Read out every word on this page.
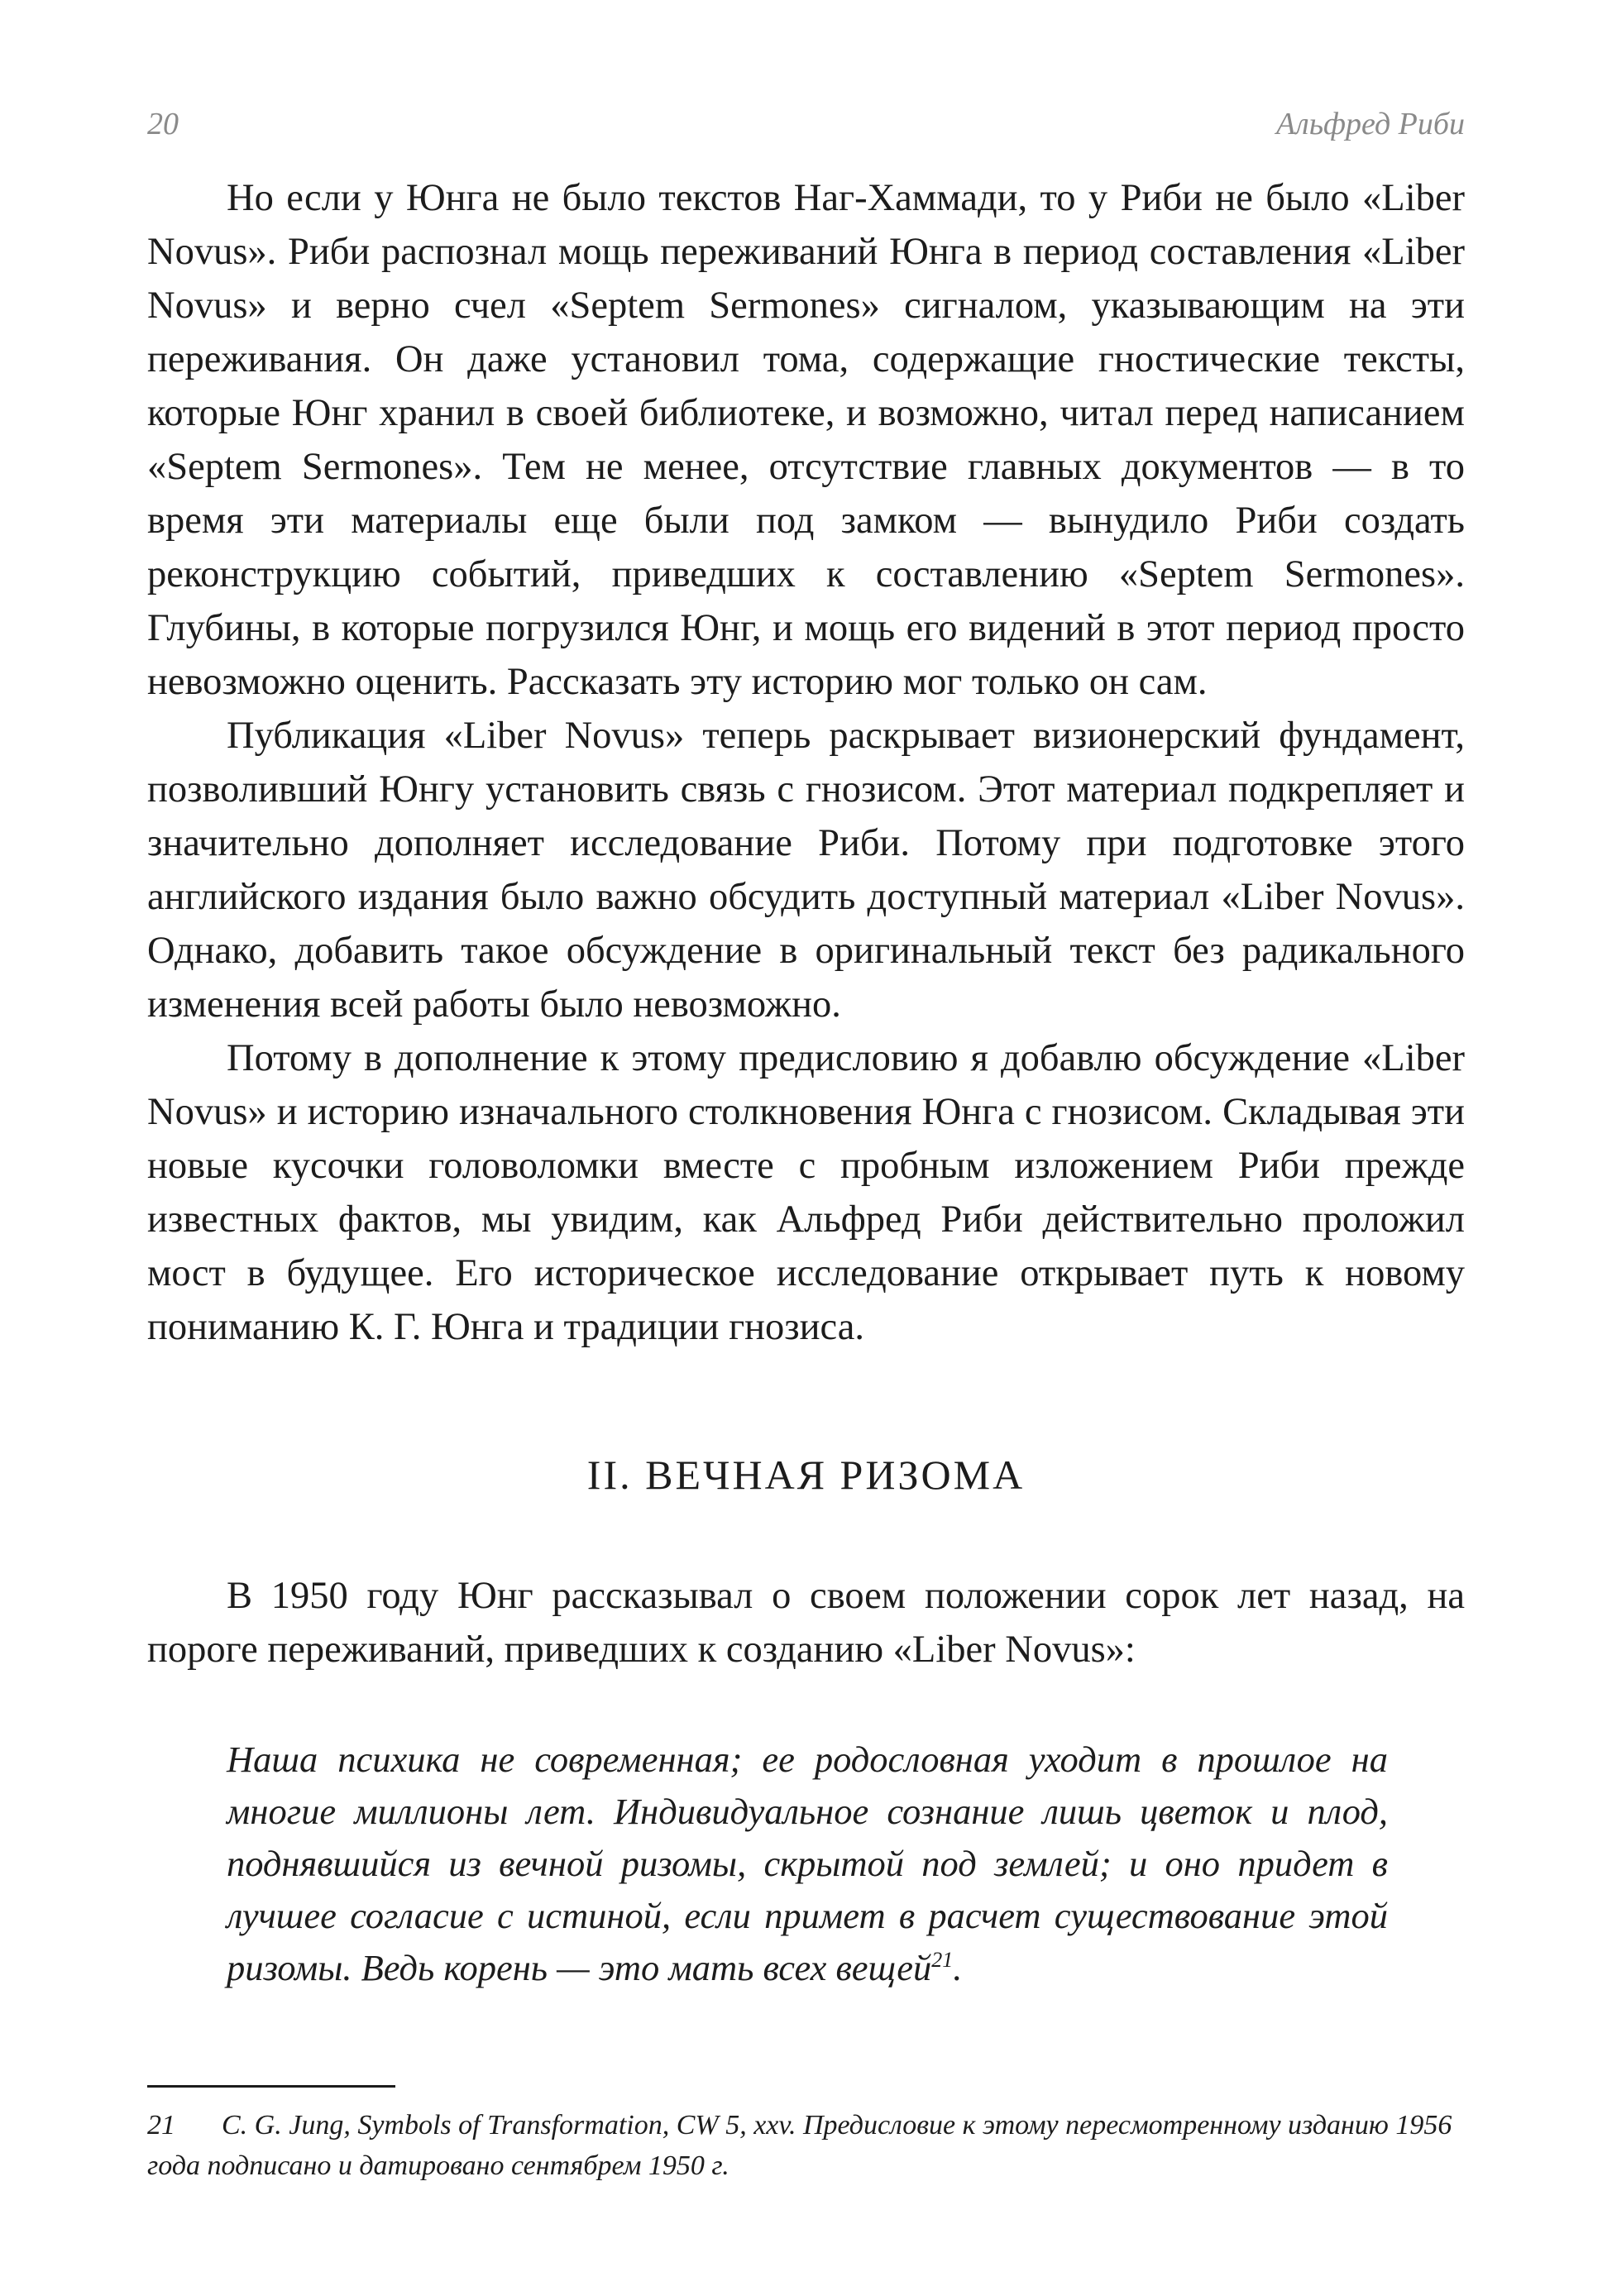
20	Альфред Риби

Но если у Юнга не было текстов Наг-Хаммади, то у Риби не было «Liber Novus». Риби распознал мощь переживаний Юнга в период составления «Liber Novus» и верно счел «Septem Sermones» сигналом, указывающим на эти переживания. Он даже установил тома, содержащие гностические тексты, которые Юнг хранил в своей библиотеке, и возможно, читал перед написанием «Septem Sermones». Тем не менее, отсутствие главных документов — в то время эти материалы еще были под замком — вынудило Риби создать реконструкцию событий, приведших к составлению «Septem Sermones». Глубины, в которые погрузился Юнг, и мощь его видений в этот период просто невозможно оценить. Рассказать эту историю мог только он сам.

Публикация «Liber Novus» теперь раскрывает визионерский фундамент, позволивший Юнгу установить связь с гнозисом. Этот материал подкрепляет и значительно дополняет исследование Риби. Потому при подготовке этого английского издания было важно обсудить доступный материал «Liber Novus». Однако, добавить такое обсуждение в оригинальный текст без радикального изменения всей работы было невозможно.

Потому в дополнение к этому предисловию я добавлю обсуждение «Liber Novus» и историю изначального столкновения Юнга с гнозисом. Складывая эти новые кусочки головоломки вместе с пробным изложением Риби прежде известных фактов, мы увидим, как Альфред Риби действительно проложил мост в будущее. Его историческое исследование открывает путь к новому пониманию К. Г. Юнга и традиции гнозиса.

II. ВЕЧНАЯ РИЗОМА

В 1950 году Юнг рассказывал о своем положении сорок лет назад, на пороге переживаний, приведших к созданию «Liber Novus»:

Наша психика не современная; ее родословная уходит в прошлое на многие миллионы лет. Индивидуальное сознание лишь цветок и плод, поднявшийся из вечной ризомы, скрытой под землей; и оно придет в лучшее согласие с истиной, если примет в расчет существование этой ризомы. Ведь корень — это мать всех вещей$^{21}$.

21 C. G. Jung, Symbols of Transformation, CW 5, xxv. Предисловие к этому пересмотренному изданию 1956 года подписано и датировано сентябрем 1950 г.
